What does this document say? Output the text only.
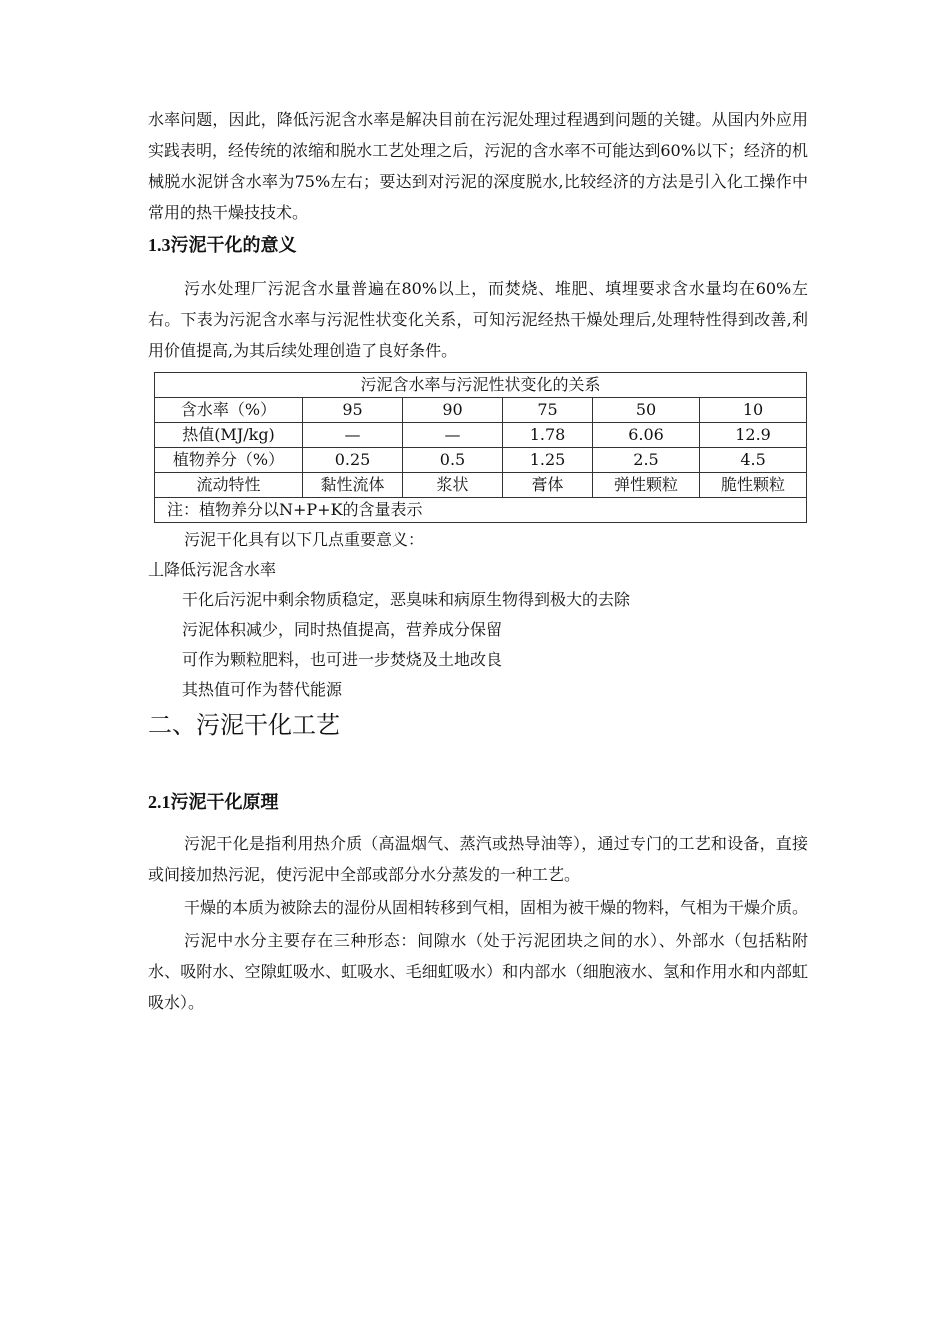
水率问题，因此，降低污泥含水率是解决目前在污泥处理过程遇到问题的关键。从国内外应用实践表明，经传统的浓缩和脱水工艺处理之后，污泥的含水率不可能达到60%以下；经济的机械脱水泥饼含水率为75%左右；要达到对污泥的深度脱水,比较经济的方法是引入化工操作中常用的热干燥技技术。

1.3污泥干化的意义

污水处理厂污泥含水量普遍在80%以上，而焚烧、堆肥、填埋要求含水量均在60%左右。下表为污泥含水率与污泥性状变化关系，可知污泥经热干燥处理后,处理特性得到改善,利用价值提高,为其后续处理创造了良好条件。

污泥含水率与污泥性状变化的关系					
含水率（%）	95	90	75	50	10
热值(MJ/kg)	—	—	1.78	6.06	12.9
植物养分（%）	0.25	0.5	1.25	2.5	4.5
流动特性	黏性流体	浆状	膏体	弹性颗粒	脆性颗粒
注：植物养分以N+P+K的含量表示					

污泥干化具有以下几点重要意义：

丄降低污泥含水率

干化后污泥中剩余物质稳定，恶臭味和病原生物得到极大的去除

污泥体积减少，同时热值提高，营养成分保留

可作为颗粒肥料，也可进一步焚烧及土地改良

其热值可作为替代能源

二、污泥干化工艺
2.1污泥干化原理

污泥干化是指利用热介质（高温烟气、蒸汽或热导油等），通过专门的工艺和设备，直接或间接加热污泥，使污泥中全部或部分水分蒸发的一种工艺。

干燥的本质为被除去的湿份从固相转移到气相，固相为被干燥的物料，气相为干燥介质。

污泥中水分主要存在三种形态：间隙水（处于污泥团块之间的水）、外部水（包括粘附水、吸附水、空隙虹吸水、虹吸水、毛细虹吸水）和内部水（细胞液水、氢和作用水和内部虹吸水）。
